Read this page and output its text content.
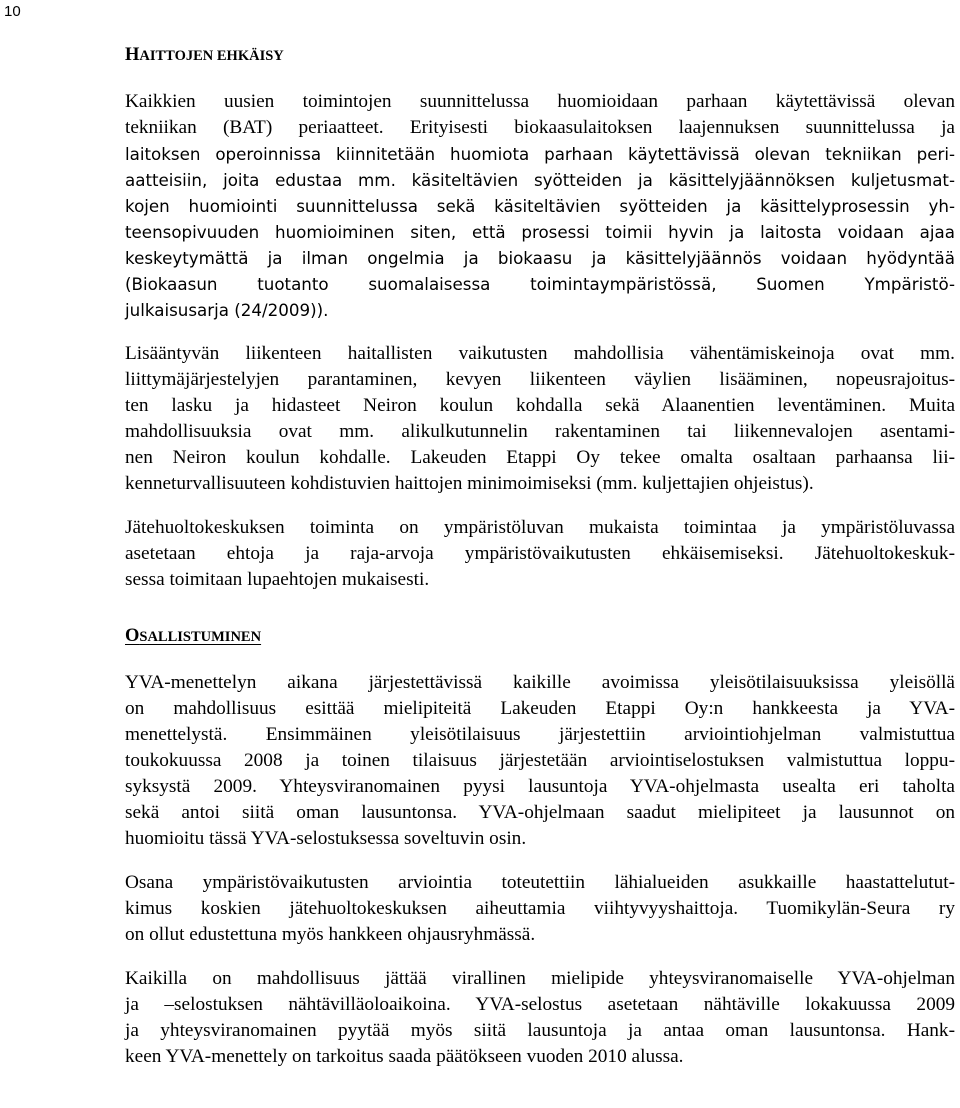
10
HAITTOJEN EHKÄISY
Kaikkien uusien toimintojen suunnittelussa huomioidaan parhaan käytettävissä olevan
tekniikan (BAT) periaatteet. Erityisesti biokaasulaitoksen laajennuksen suunnittelussa ja
laitoksen operoinnissa kiinnitetään huomiota parhaan käytettävissä olevan tekniikan peri-
aatteisiin, joita edustaa mm. käsiteltävien syötteiden ja käsittelyjäännöksen kuljetusmat-
kojen huomiointi suunnittelussa sekä käsiteltävien syötteiden ja käsittelyprosessin yh-
teensopivuuden huomioiminen siten, että prosessi toimii hyvin ja laitosta voidaan ajaa
keskeytymättä ja ilman ongelmia ja biokaasu ja käsittelyjäännös voidaan hyödyntää
(Biokaasun tuotanto suomalaisessa toimintaympäristössä, Suomen Ympäristö-
julkaisusarja (24/2009)).
Lisääntyvän liikenteen haitallisten vaikutusten mahdollisia vähentämiskeinoja ovat mm.
liittymäjärjestelyjen parantaminen, kevyen liikenteen väylien lisääminen, nopeusrajoitus-
ten lasku ja hidasteet Neiron koulun kohdalla sekä Alaanentien leventäminen. Muita
mahdollisuuksia ovat mm. alikulkutunnelin rakentaminen tai liikennevalojen asentami-
nen Neiron koulun kohdalle. Lakeuden Etappi Oy tekee omalta osaltaan parhaansa lii-
kenneturvallisuuteen kohdistuvien haittojen minimoimiseksi (mm. kuljettajien ohjeistus).
Jätehuoltokeskuksen toiminta on ympäristöluvan mukaista toimintaa ja ympäristöluvassa
asetetaan ehtoja ja raja-arvoja ympäristövaikutusten ehkäisemiseksi. Jätehuoltokeskuk-
sessa toimitaan lupaehtojen mukaisesti.
OSALLISTUMINEN
YVA-menettelyn aikana järjestettävissä kaikille avoimissa yleisötilaisuuksissa yleisöllä
on mahdollisuus esittää mielipiteitä Lakeuden Etappi Oy:n hankkeesta ja YVA-
menettelystä. Ensimmäinen yleisötilaisuus järjestettiin arviointiohjelman valmistuttua
toukokuussa 2008 ja toinen tilaisuus järjestetään arviointiselostuksen valmistuttua loppu-
syksystä 2009. Yhteysviranomainen pyysi lausuntoja YVA-ohjelmasta usealta eri taholta
sekä antoi siitä oman lausuntonsa. YVA-ohjelmaan saadut mielipiteet ja lausunnot on
huomioitu tässä YVA-selostuksessa soveltuvin osin.
Osana ympäristövaikutusten arviointia toteutettiin lähialueiden asukkaille haastattelutut-
kimus koskien jätehuoltokeskuksen aiheuttamia viihtyvyyshaittoja. Tuomikylän-Seura ry
on ollut edustettuna myös hankkeen ohjausryhmässä.
Kaikilla on mahdollisuus jättää virallinen mielipide yhteysviranomaiselle YVA-ohjelman
ja –selostuksen nähtävilläoloaikoina. YVA-selostus asetetaan nähtäville lokakuussa 2009
ja yhteysviranomainen pyytää myös siitä lausuntoja ja antaa oman lausuntonsa. Hank-
keen YVA-menettely on tarkoitus saada päätökseen vuoden 2010 alussa.
